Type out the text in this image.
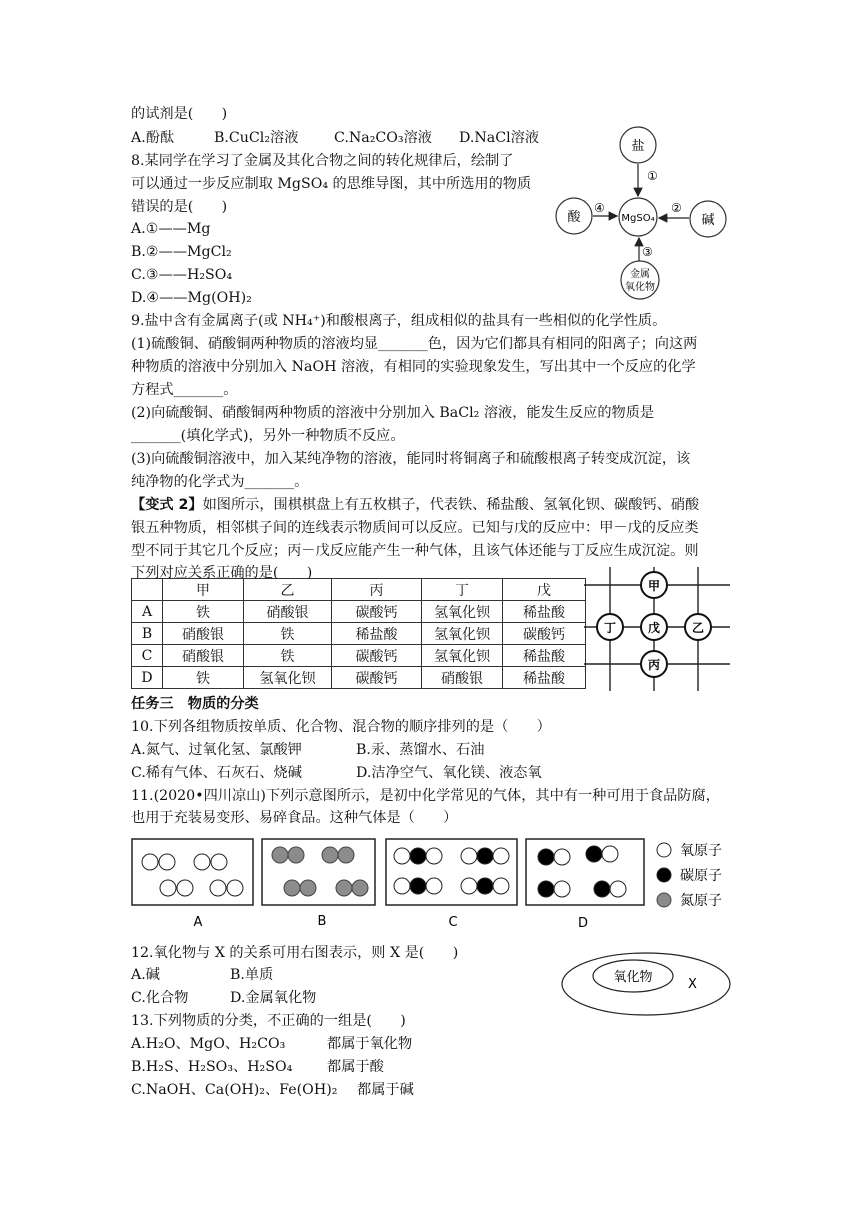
的试剂是(　　)
A.酚酞	B.CuCl₂溶液	C.Na₂CO₃溶液 D.NaCl溶液
8.某同学在学习了金属及其化合物之间的转化规律后，绘制了
可以通过一步反应制取 MgSO₄ 的思维导图，其中所选用的物质
错误的是(　　)
A.①——Mg
B.②——MgCl₂
C.③——H₂SO₄
D.④——Mg(OH)₂
9.盐中含有金属离子(或 NH₄⁺)和酸根离子，组成相似的盐具有一些相似的化学性质。
(1)硫酸铜、硝酸铜两种物质的溶液均显_______色，因为它们都具有相同的阳离子；向这两
种物质的溶液中分别加入 NaOH 溶液，有相同的实验现象发生，写出其中一个反应的化学
方程式_______。
(2)向硫酸铜、硝酸铜两种物质的溶液中分别加入 BaCl₂ 溶液，能发生反应的物质是
_______(填化学式)，另外一种物质不反应。
(3)向硫酸铜溶液中，加入某纯净物的溶液，能同时将铜离子和硫酸根离子转变成沉淀，该
纯净物的化学式为_______。
【变式 2】如图所示，围棋棋盘上有五枚棋子，代表铁、稀盐酸、氢氧化钡、碳酸钙、硝酸
银五种物质，相邻棋子间的连线表示物质间可以反应。已知与戊的反应中：甲－戊的反应类
型不同于其它几个反应；丙－戊反应能产生一种气体，且该气体还能与丁反应生成沉淀。则
下列对应关系正确的是(　　)
	甲	乙	丙	丁	戊
A	铁	硝酸银	碳酸钙	氢氧化钡	稀盐酸
B	硝酸银	铁	稀盐酸	氢氧化钡	碳酸钙
C	硝酸银	铁	碳酸钙	氢氧化钡	稀盐酸
D	铁	氢氧化钡	碳酸钙	硝酸银	稀盐酸
任务三　物质的分类
10.下列各组物质按单质、化合物、混合物的顺序排列的是（　　）
A.氮气、过氧化氢、氯酸钾	B.汞、蒸馏水、石油
C.稀有气体、石灰石、烧碱	D.洁净空气、氧化镁、液态氧
11.(2020•四川凉山)下列示意图所示，是初中化学常见的气体，其中有一种可用于食品防腐，
也用于充装易变形、易碎食品。这种气体是（　　）
12.氧化物与 X 的关系可用右图表示，则 X 是(　　)
A.碱	B.单质
C.化合物	D.金属氧化物
13.下列物质的分类，不正确的一组是(　　)
A.H₂O、MgO、H₂CO₃	都属于氧化物
B.H₂S、H₂SO₃、H₂SO₄ 都属于酸
C.NaOH、Ca(OH)₂、Fe(OH)₂ 都属于碱
盐
酸	碱
MgSO₄
金属
氧化物
①
②
③
④
甲
丁	戊	乙
丙
A	B	C	D
氧原子
碳原子
氮原子
氧化物	X
